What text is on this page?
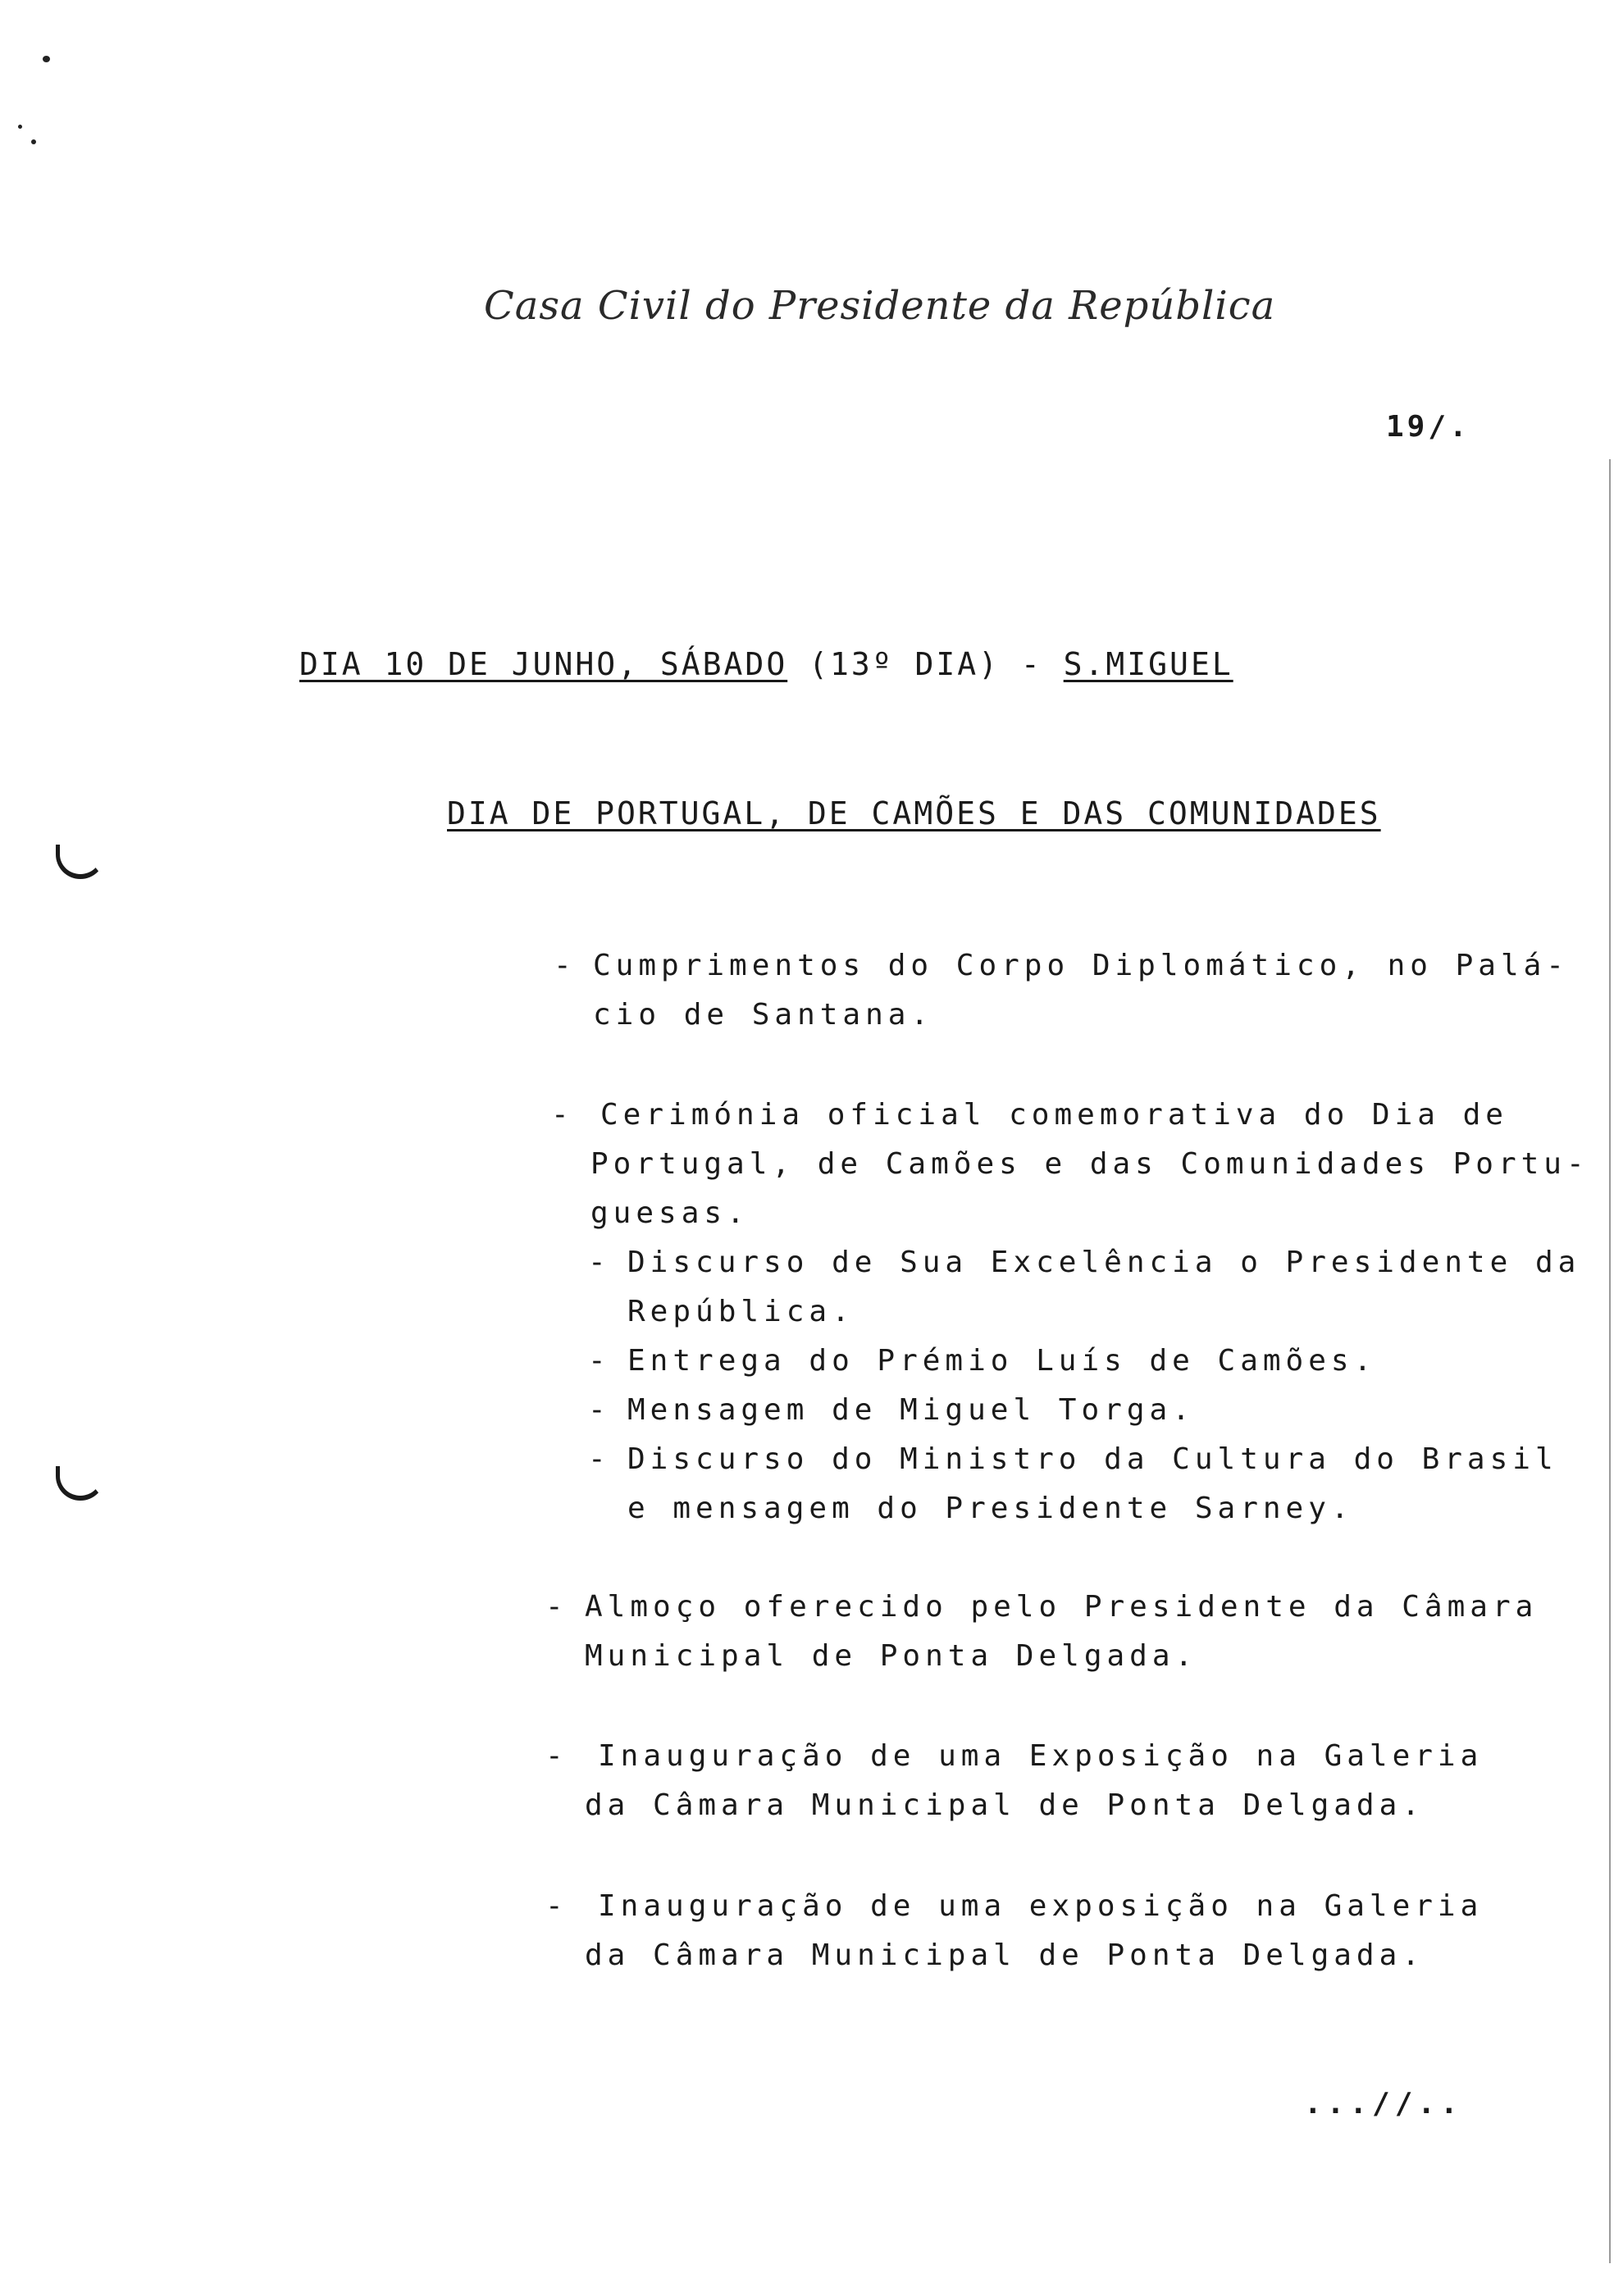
Casa Civil do Presidente da República
19/.
DIA 10 DE JUNHO, SÁBADO (13º DIA) - S.MIGUEL
DIA DE PORTUGAL, DE CAMÕES E DAS COMUNIDADES
- Cumprimentos do Corpo Diplomático, no Palá-
cio de Santana.
- Cerimónia oficial comemorativa do Dia de
Portugal, de Camões e das Comunidades Portu-
guesas.
- Discurso de Sua Excelência o Presidente da
República.
- Entrega do Prémio Luís de Camões.
- Mensagem de Miguel Torga.
- Discurso do Ministro da Cultura do Brasil
e mensagem do Presidente Sarney.
- Almoço oferecido pelo Presidente da Câmara
Municipal de Ponta Delgada.
-	Inauguração de uma Exposição na Galeria
da Câmara Municipal de Ponta Delgada.
-	Inauguração de uma exposição na Galeria
da Câmara Municipal de Ponta Delgada.
...//..
